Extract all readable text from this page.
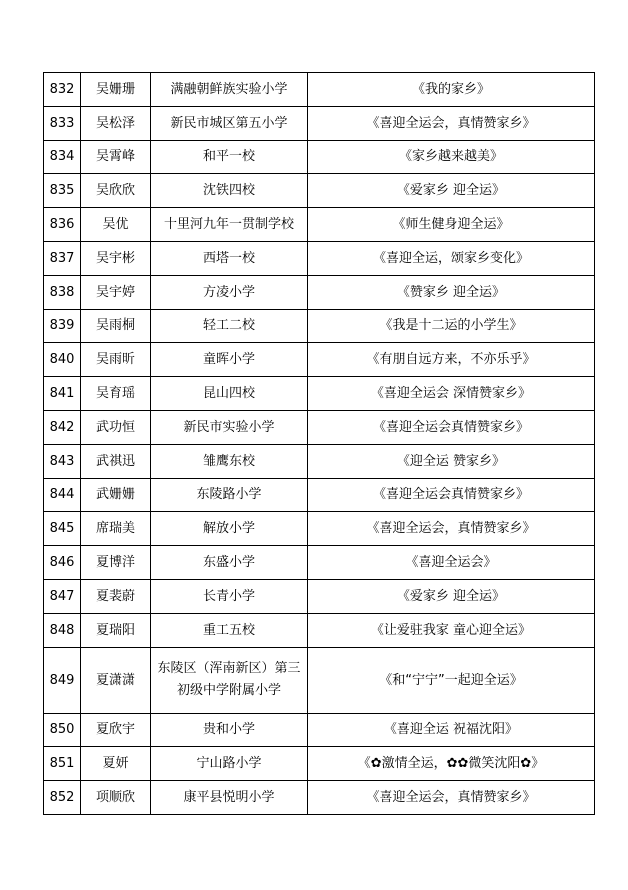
832	吴姗珊	满融朝鲜族实验小学	《我的家乡》
833	吴松泽	新民市城区第五小学	《喜迎全运会，真情赞家乡》
834	吴霄峰	和平一校	《家乡越来越美》
835	吴欣欣	沈铁四校	《爱家乡 迎全运》
836	吴优	十里河九年一贯制学校	《师生健身迎全运》
837	吴宇彬	西塔一校	《喜迎全运，颂家乡变化》
838	吴宇婷	方凌小学	《赞家乡 迎全运》
839	吴雨桐	轻工二校	《我是十二运的小学生》
840	吴雨昕	童晖小学	《有朋自远方来，不亦乐乎》
841	吴育瑶	昆山四校	《喜迎全运会 深情赞家乡》
842	武功恒	新民市实验小学	《喜迎全运会真情赞家乡》
843	武祺迅	雏鹰东校	《迎全运 赞家乡》
844	武姗姗	东陵路小学	《喜迎全运会真情赞家乡》
845	席瑞美	解放小学	《喜迎全运会，真情赞家乡》
846	夏博洋	东盛小学	《喜迎全运会》
847	夏裴蔚	长青小学	《爱家乡 迎全运》
848	夏瑞阳	重工五校	《让爱驻我家 童心迎全运》
849	夏潇潇	东陵区（浑南新区）第三初级中学附属小学	《和“宁宁”一起迎全运》
850	夏欣宇	贵和小学	《喜迎全运 祝福沈阳》
851	夏妍	宁山路小学	《✿激情全运，✿✿微笑沈阳✿》
852	项顺欣	康平县悦明小学	《喜迎全运会，真情赞家乡》
